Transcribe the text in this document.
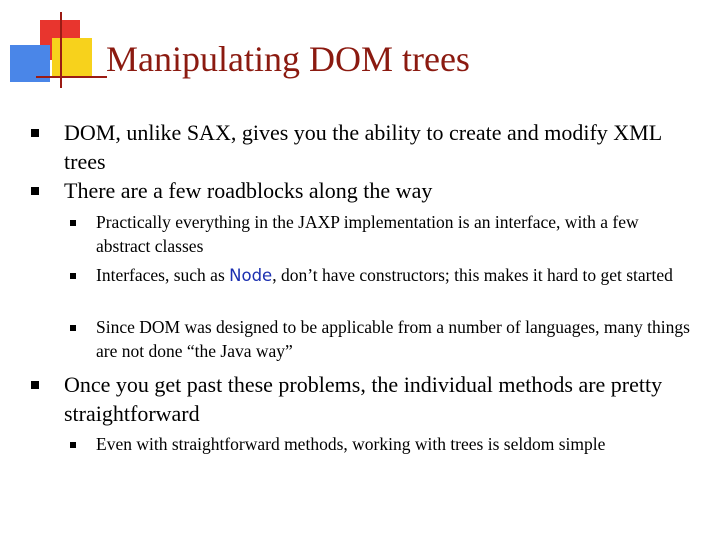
Manipulating DOM trees
DOM, unlike SAX, gives you the ability to create and modify XML trees
There are a few roadblocks along the way
Practically everything in the JAXP implementation is an interface, with a few abstract classes
Interfaces, such as Node, don’t have constructors; this makes it hard to get started
Since DOM was designed to be applicable from a number of languages, many things are not done “the Java way”
Once you get past these problems, the individual methods are pretty straightforward
Even with straightforward methods, working with trees is seldom simple
